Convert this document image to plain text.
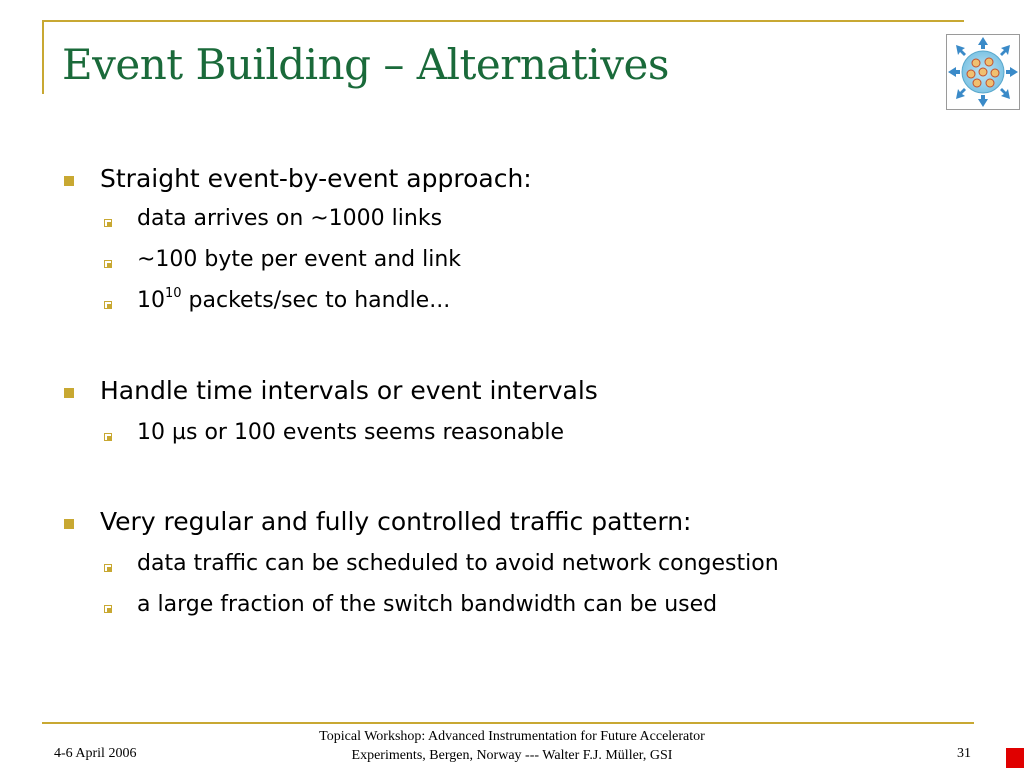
Event Building – Alternatives
Straight event-by-event approach:
data arrives on ~1000 links
~100 byte per event and link
$10^{10}$ packets/sec to handle...
Handle time intervals or event intervals
10 µs or 100 events seems reasonable
Very regular and fully controlled traffic pattern:
data traffic can be scheduled to avoid network congestion
a large fraction of the switch bandwidth can be used
4-6 April 2006
Topical Workshop: Advanced Instrumentation for Future Accelerator
Experiments, Bergen, Norway --- Walter F.J. Müller, GSI	31
